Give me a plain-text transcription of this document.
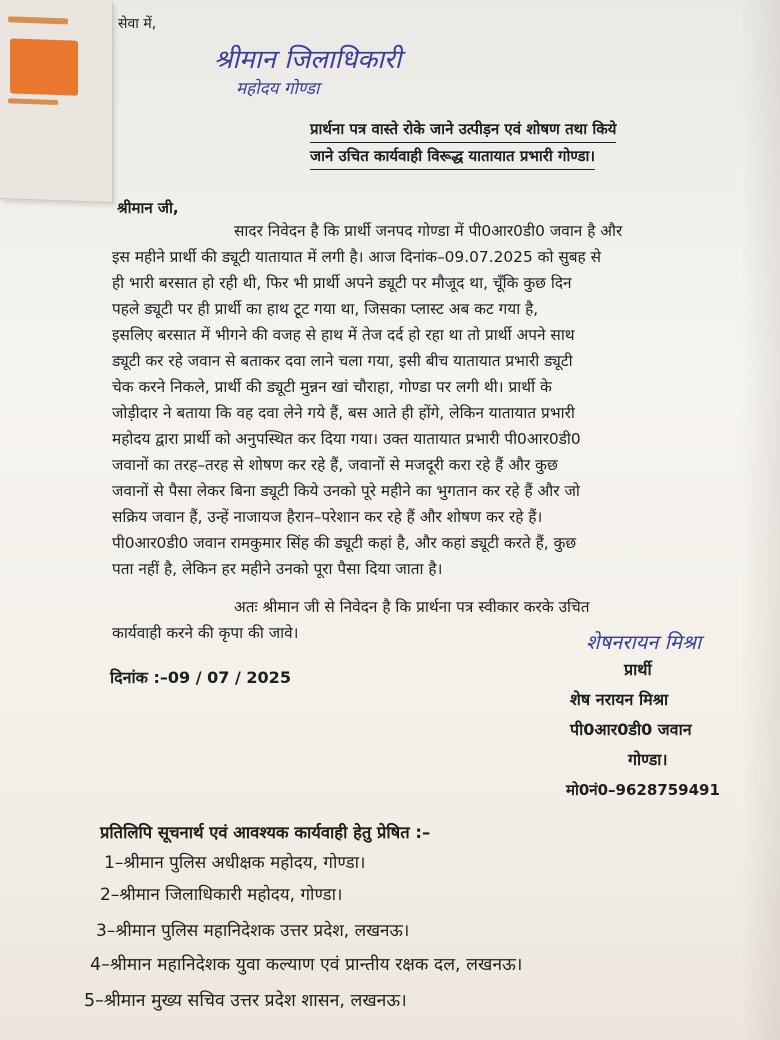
सेवा में,
श्रीमान जिलाधिकारी
महोदय गोण्डा
प्रार्थना पत्र वास्ते रोके जाने उत्पीड़न एवं शोषण तथा किये
जाने उचित कार्यवाही विरूद्ध यातायात प्रभारी गोण्डा।
श्रीमान जी,
सादर निवेदन है कि प्रार्थी जनपद गोण्डा में पी0आर0डी0 जवान है और
इस महीने प्रार्थी की ड्यूटी यातायात में लगी है। आज दिनांक–09.07.2025 को सुबह से
ही भारी बरसात हो रही थी, फिर भी प्रार्थी अपने ड्यूटी पर मौजूद था, चूँकि कुछ दिन
पहले ड्यूटी पर ही प्रार्थी का हाथ टूट गया था, जिसका प्लास्ट अब कट गया है,
इसलिए बरसात में भीगने की वजह से हाथ में तेज दर्द हो रहा था तो प्रार्थी अपने साथ
ड्यूटी कर रहे जवान से बताकर दवा लाने चला गया, इसी बीच यातायात प्रभारी ड्यूटी
चेक करने निकले, प्रार्थी की ड्यूटी मुन्नन खां चौराहा, गोण्डा पर लगी थी। प्रार्थी के
जोड़ीदार ने बताया कि वह दवा लेने गये हैं, बस आते ही होंगे, लेकिन यातायात प्रभारी
महोदय द्वारा प्रार्थी को अनुपस्थित कर दिया गया। उक्त यातायात प्रभारी पी0आर0डी0
जवानों का तरह–तरह से शोषण कर रहे हैं, जवानों से मजदूरी करा रहे हैं और कुछ
जवानों से पैसा लेकर बिना ड्यूटी किये उनको पूरे महीने का भुगतान कर रहे हैं और जो
सक्रिय जवान हैं, उन्हें नाजायज हैरान–परेशान कर रहे हैं और शोषण कर रहे हैं।
पी0आर0डी0 जवान रामकुमार सिंह की ड्यूटी कहां है, और कहां ड्यूटी करते हैं, कुछ
पता नहीं है, लेकिन हर महीने उनको पूरा पैसा दिया जाता है।
अतः श्रीमान जी से निवेदन है कि प्रार्थना पत्र स्वीकार करके उचित
कार्यवाही करने की कृपा की जावे।
दिनांक :–09 / 07 / 2025
शेषनरायन मिश्रा
प्रार्थी
शेष नरायन मिश्रा
पी0आर0डी0 जवान
गोण्डा।
मो0नं0–9628759491
प्रतिलिपि सूचनार्थ एवं आवश्यक कार्यवाही हेतु प्रेषित :–
1–श्रीमान पुलिस अधीक्षक महोदय, गोण्डा।
2–श्रीमान जिलाधिकारी महोदय, गोण्डा।
3–श्रीमान पुलिस महानिदेशक उत्तर प्रदेश, लखनऊ।
4–श्रीमान महानिदेशक युवा कल्याण एवं प्रान्तीय रक्षक दल, लखनऊ।
5–श्रीमान मुख्य सचिव उत्तर प्रदेश शासन, लखनऊ।
